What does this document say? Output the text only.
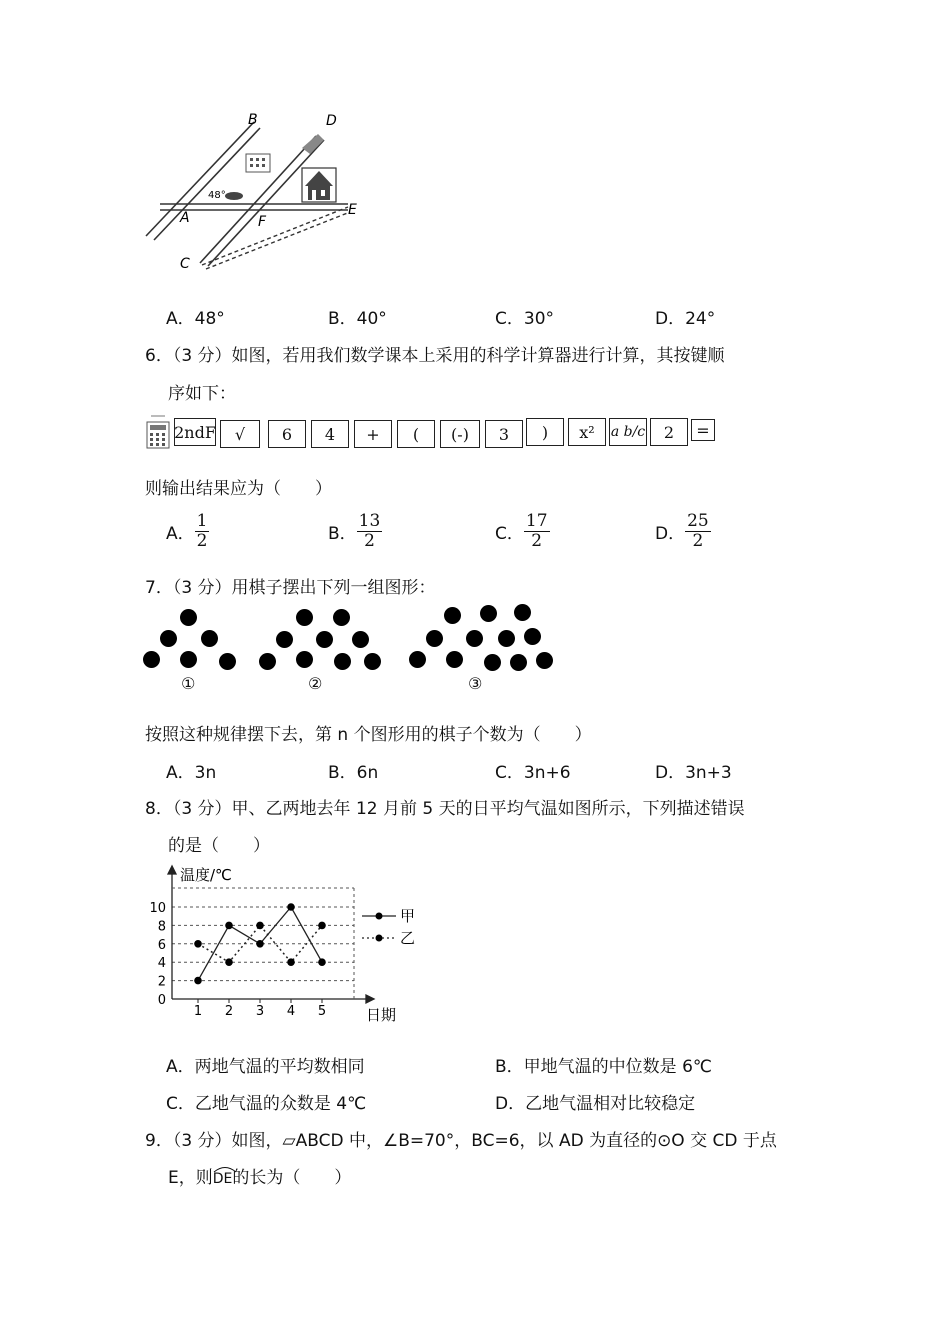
B	D
A	F
E
C
48°
A．48°	B．40°	C．30°	D．24°
6．（3 分）如图，若用我们数学课本上采用的科学计算器进行计算，其按键顺
序如下：
2ndF	√	6	4	+	(	(-)	3	)	x²	a b/c	2	=
则输出结果应为（　　）
A． $\frac{1}{2}$	B． $\frac{13}{2}$	C． $\frac{17}{2}$	D． $\frac{25}{2}$
7．（3 分）用棋子摆出下列一组图形：
①	②	③
按照这种规律摆下去，第 n 个图形用的棋子个数为（　　）
A．3n	B．6n	C．3n+6	D．3n+3
8．（3 分）甲、乙两地去年 12 月前 5 天的日平均气温如图所示，下列描述错误
的是（　　）
0
2
4
6
8
10
1 2 3 4 5
温度/℃
日期
甲
乙
A．两地气温的平均数相同	B．甲地气温的中位数是 6℃
C．乙地气温的众数是 4℃	D．乙地气温相对比较稳定
9．（3 分）如图，▱ABCD 中，∠B=70°，BC=6，以 AD 为直径的⊙O 交 CD 于点
E，则
DE的长为（　　）
